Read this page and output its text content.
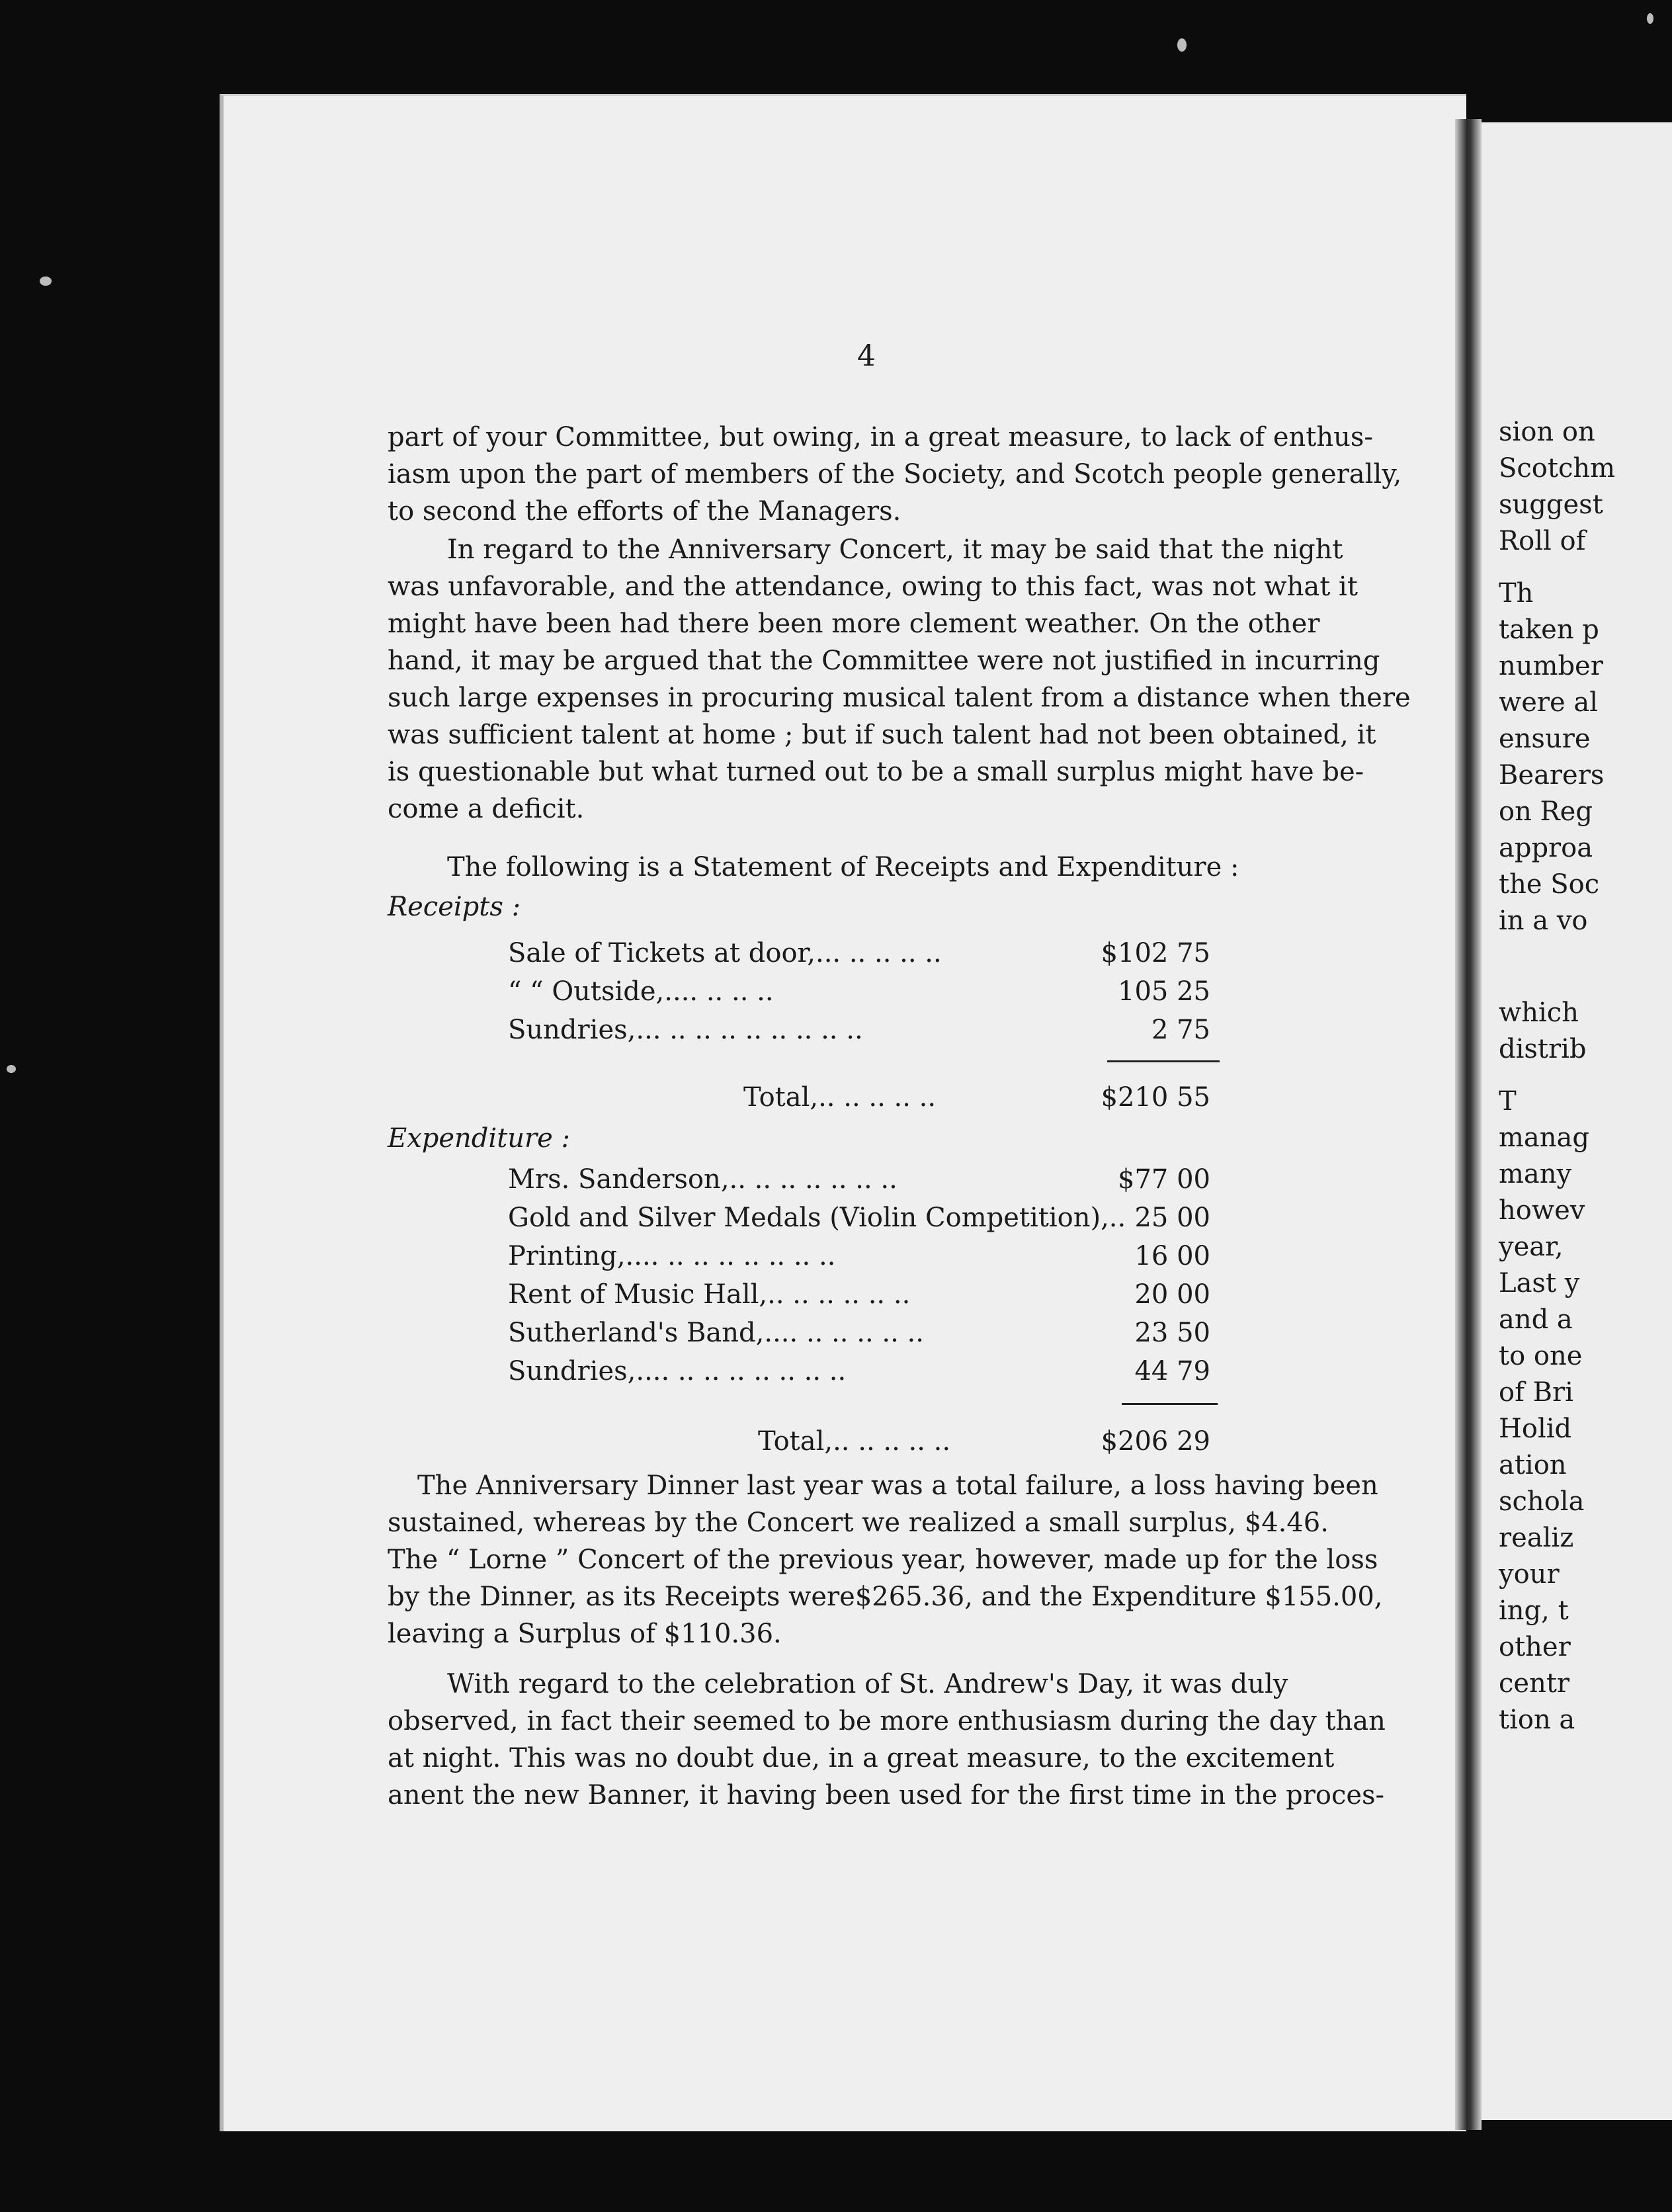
4
part of your Committee, but owing, in a great measure, to lack of enthus-
iasm upon the part of members of the Society, and Scotch people generally,
to second the efforts of the Managers.
In regard to the Anniversary Concert, it may be said that the night
was unfavorable, and the attendance, owing to this fact, was not what it
might have been had there been more clement weather. On the other
hand, it may be argued that the Committee were not justified in incurring
such large expenses in procuring musical talent from a distance when there
was sufficient talent at home ; but if such talent had not been obtained, it
is questionable but what turned out to be a small surplus might have be-
come a deficit.
The following is a Statement of Receipts and Expenditure :
Receipts :
Sale of Tickets at door,... .. .. .. ..	$102 75
“ “ Outside,.... .. .. ..	105 25
Sundries,... .. .. .. .. .. .. .. ..	2 75
Total,.. .. .. .. ..	$210 55
Expenditure :
Mrs. Sanderson,.. .. .. .. .. .. ..	$77 00
Gold and Silver Medals (Violin Competition),.. 25 00
Printing,.... .. .. .. .. .. .. ..	16 00
Rent of Music Hall,.. .. .. .. .. ..	20 00
Sutherland's Band,.... .. .. .. .. ..	23 50
Sundries,.... .. .. .. .. .. .. ..	44 79
Total,.. .. .. .. ..	$206 29
The Anniversary Dinner last year was a total failure, a loss having been
sustained, whereas by the Concert we realized a small surplus, $4.46.
The “ Lorne ” Concert of the previous year, however, made up for the loss
by the Dinner, as its Receipts were$265.36, and the Expenditure $155.00,
leaving a Surplus of $110.36.
With regard to the celebration of St. Andrew's Day, it was duly
observed, in fact their seemed to be more enthusiasm during the day than
at night. This was no doubt due, in a great measure, to the excitement
anent the new Banner, it having been used for the first time in the proces-
sion on
Scotchm
suggest
Roll of
Th
taken p
number
were al
ensure
Bearers
on Reg
approa
the Soc
in a vo
which
distrib
T
manag
many
howev
year,
Last y
and a
to one
of Bri
Holid
ation
schola
realiz
your
ing, t
other
centr
tion a
